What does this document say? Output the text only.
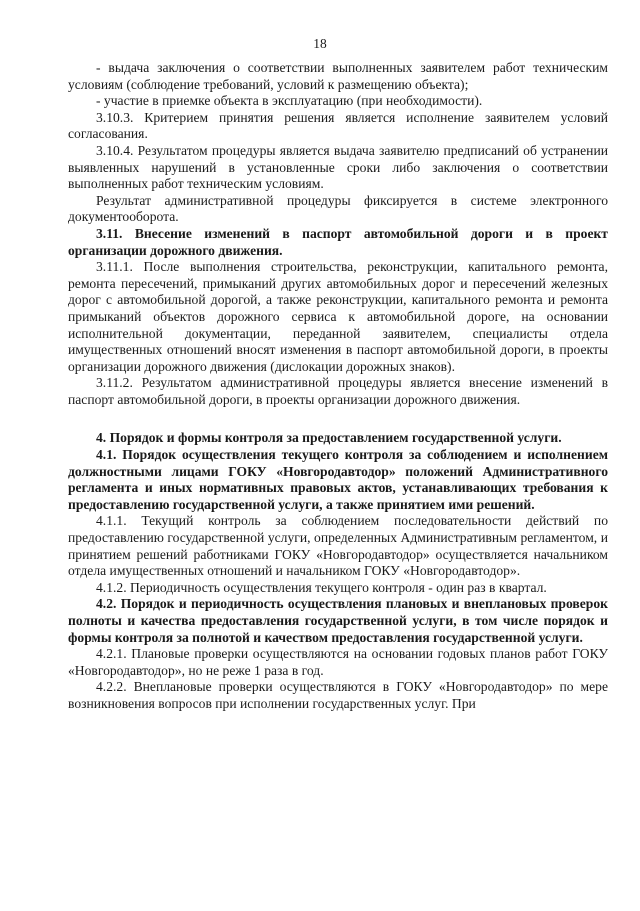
18

- выдача заключения о соответствии выполненных заявителем работ техническим условиям (соблюдение требований, условий к размещению объекта);

- участие в приемке объекта в эксплуатацию (при необходимости).

3.10.3. Критерием принятия решения является исполнение заявителем условий согласования.

3.10.4. Результатом процедуры является выдача заявителю предписаний об устранении выявленных нарушений в установленные сроки либо заключения о соответствии выполненных работ техническим условиям.

Результат административной процедуры фиксируется в системе электронного документооборота.

3.11. Внесение изменений в паспорт автомобильной дороги и в проект организации дорожного движения.

3.11.1. После выполнения строительства, реконструкции, капитального ремонта, ремонта пересечений, примыканий других автомобильных дорог и пересечений железных дорог с автомобильной дорогой, а также реконструкции, капитального ремонта и ремонта примыканий объектов дорожного сервиса к автомобильной дороге, на основании исполнительной документации, переданной заявителем, специалисты отдела имущественных отношений вносят изменения в паспорт автомобильной дороги, в проекты организации дорожного движения (дислокации дорожных знаков).

3.11.2. Результатом административной процедуры является внесение изменений в паспорт автомобильной дороги, в проекты организации дорожного движения.

4. Порядок и формы контроля за предоставлением государственной услуги.

4.1. Порядок осуществления текущего контроля за соблюдением и исполнением должностными лицами ГОКУ «Новгородавтодор» положений Административного регламента и иных нормативных правовых актов, устанавливающих требования к предоставлению государственной услуги, а также принятием ими решений.

4.1.1. Текущий контроль за соблюдением последовательности действий по предоставлению государственной услуги, определенных Административным регламентом, и принятием решений работниками ГОКУ «Новгородавтодор» осуществляется начальником отдела имущественных отношений и начальником ГОКУ «Новгородавтодор».

4.1.2. Периодичность осуществления текущего контроля - один раз в квартал.

4.2. Порядок и периодичность осуществления плановых и внеплановых проверок полноты и качества предоставления государственной услуги, в том числе порядок и формы контроля за полнотой и качеством предоставления государственной услуги.

4.2.1. Плановые проверки осуществляются на основании годовых планов работ ГОКУ «Новгородавтодор», но не реже 1 раза в год.

4.2.2. Внеплановые проверки осуществляются в ГОКУ «Новгородавтодор» по мере возникновения вопросов при исполнении государственных услуг. При
